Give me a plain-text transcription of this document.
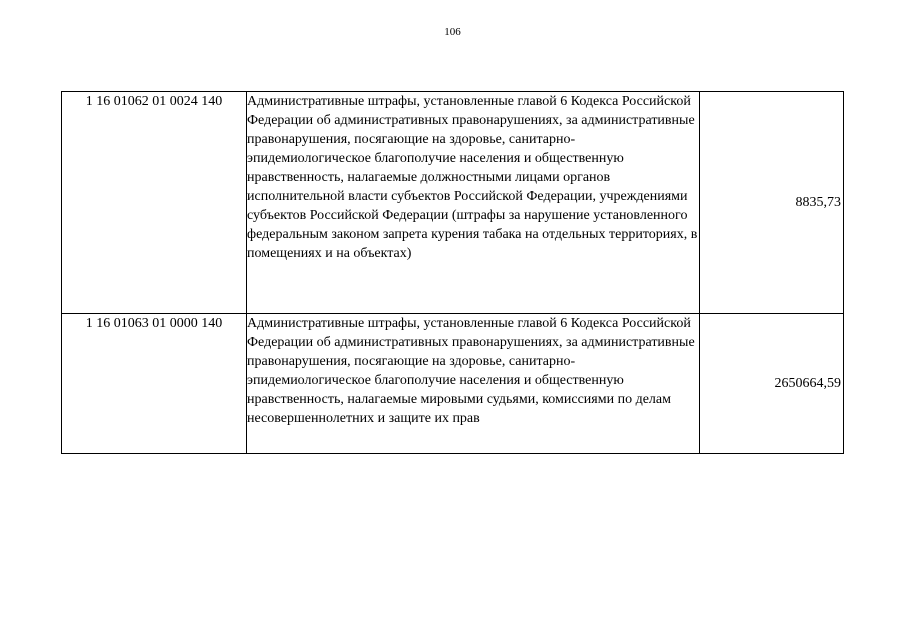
106
1 16 01062 01 0024 140	Административные штрафы, установленные главой 6 Кодекса Российской Федерации об административных правонарушениях, за административные правонарушения, посягающие на здоровье, санитарно-эпидемиологическое благополучие населения и общественную нравственность, налагаемые должностными лицами органов исполнительной власти субъектов Российской Федерации, учреждениями субъектов Российской Федерации (штрафы за нарушение установленного федеральным законом запрета курения табака на отдельных территориях, в помещениях и на объектах)	8835,73
1 16 01063 01 0000 140	Административные штрафы, установленные главой 6 Кодекса Российской Федерации об административных правонарушениях, за административные правонарушения, посягающие на здоровье, санитарно-эпидемиологическое благополучие населения и общественную нравственность, налагаемые мировыми судьями, комиссиями по делам несовершеннолетних и защите их прав	2650664,59
